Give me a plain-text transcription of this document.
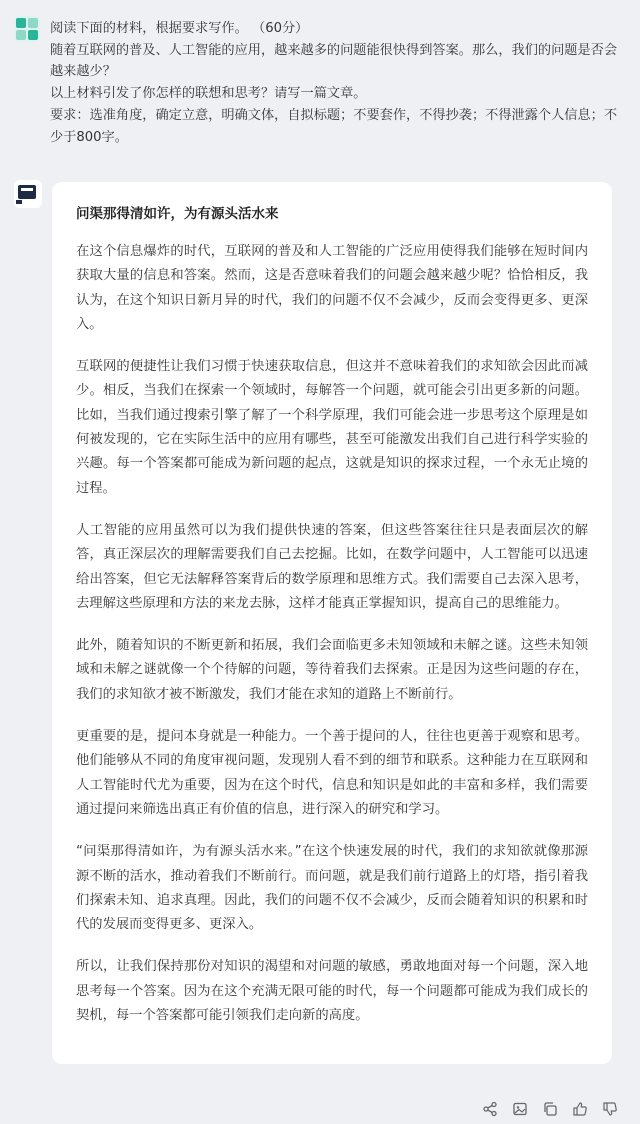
阅读下面的材料，根据要求写作。 （60分）

随着互联网的普及、人工智能的应用，越来越多的问题能很快得到答案。那么，我们的问题是否会越来越少？

以上材料引发了你怎样的联想和思考？请写一篇文章。

要求：选准角度，确定立意，明确文体，自拟标题；不要套作，不得抄袭；不得泄露个人信息；不少于800字。

问渠那得清如许，为有源头活水来

在这个信息爆炸的时代，互联网的普及和人工智能的广泛应用使得我们能够在短时间内获取大量的信息和答案。然而，这是否意味着我们的问题会越来越少呢？恰恰相反，我认为，在这个知识日新月异的时代，我们的问题不仅不会减少，反而会变得更多、更深入。

互联网的便捷性让我们习惯于快速获取信息，但这并不意味着我们的求知欲会因此而减少。相反，当我们在探索一个领域时，每解答一个问题，就可能会引出更多新的问题。比如，当我们通过搜索引擎了解了一个科学原理，我们可能会进一步思考这个原理是如何被发现的，它在实际生活中的应用有哪些，甚至可能激发出我们自己进行科学实验的兴趣。每一个答案都可能成为新问题的起点，这就是知识的探求过程，一个永无止境的过程。

人工智能的应用虽然可以为我们提供快速的答案，但这些答案往往只是表面层次的解答，真正深层次的理解需要我们自己去挖掘。比如，在数学问题中，人工智能可以迅速给出答案，但它无法解释答案背后的数学原理和思维方式。我们需要自己去深入思考，去理解这些原理和方法的来龙去脉，这样才能真正掌握知识，提高自己的思维能力。

此外，随着知识的不断更新和拓展，我们会面临更多未知领域和未解之谜。这些未知领域和未解之谜就像一个个待解的问题，等待着我们去探索。正是因为这些问题的存在，我们的求知欲才被不断激发，我们才能在求知的道路上不断前行。

更重要的是，提问本身就是一种能力。一个善于提问的人，往往也更善于观察和思考。他们能够从不同的角度审视问题，发现别人看不到的细节和联系。这种能力在互联网和人工智能时代尤为重要，因为在这个时代，信息和知识是如此的丰富和多样，我们需要通过提问来筛选出真正有价值的信息，进行深入的研究和学习。

“问渠那得清如许，为有源头活水来。”在这个快速发展的时代，我们的求知欲就像那源源不断的活水，推动着我们不断前行。而问题，就是我们前行道路上的灯塔，指引着我们探索未知、追求真理。因此，我们的问题不仅不会减少，反而会随着知识的积累和时代的发展而变得更多、更深入。

所以，让我们保持那份对知识的渴望和对问题的敏感，勇敢地面对每一个问题，深入地思考每一个答案。因为在这个充满无限可能的时代，每一个问题都可能成为我们成长的契机，每一个答案都可能引领我们走向新的高度。
